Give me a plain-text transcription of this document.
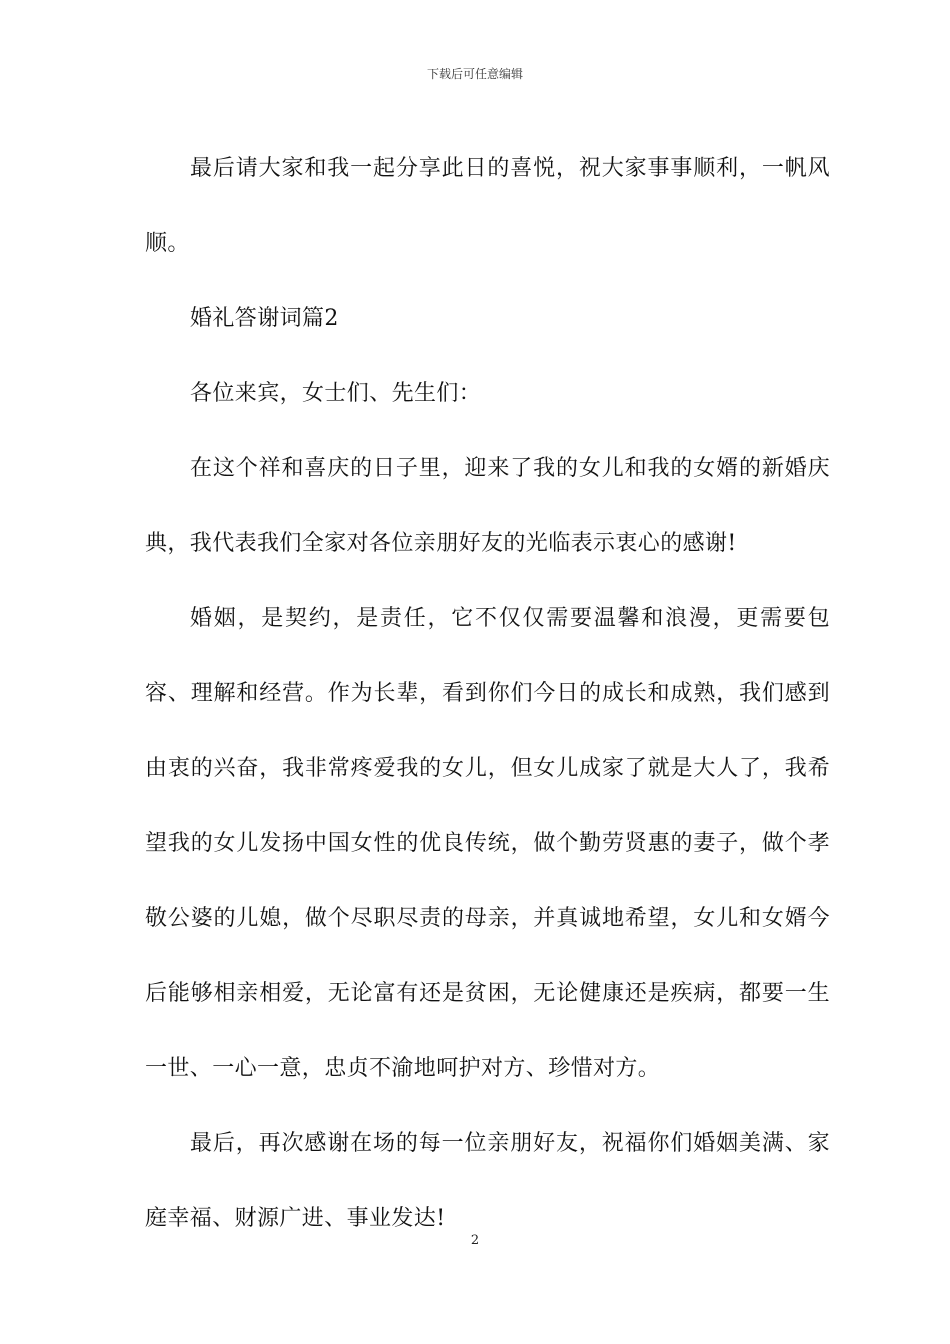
下载后可任意编辑

最后请大家和我一起分享此日的喜悦，祝大家事事顺利，一帆风顺。

婚礼答谢词篇2

各位来宾，女士们、先生们：

在这个祥和喜庆的日子里，迎来了我的女儿和我的女婿的新婚庆典，我代表我们全家对各位亲朋好友的光临表示衷心的感谢!

婚姻，是契约，是责任，它不仅仅需要温馨和浪漫，更需要包容、理解和经营。作为长辈，看到你们今日的成长和成熟，我们感到由衷的兴奋，我非常疼爱我的女儿，但女儿成家了就是大人了，我希望我的女儿发扬中国女性的优良传统，做个勤劳贤惠的妻子，做个孝敬公婆的儿媳，做个尽职尽责的母亲，并真诚地希望，女儿和女婿今后能够相亲相爱，无论富有还是贫困，无论健康还是疾病，都要一生一世、一心一意，忠贞不渝地呵护对方、珍惜对方。

最后，再次感谢在场的每一位亲朋好友，祝福你们婚姻美满、家庭幸福、财源广进、事业发达!

2
